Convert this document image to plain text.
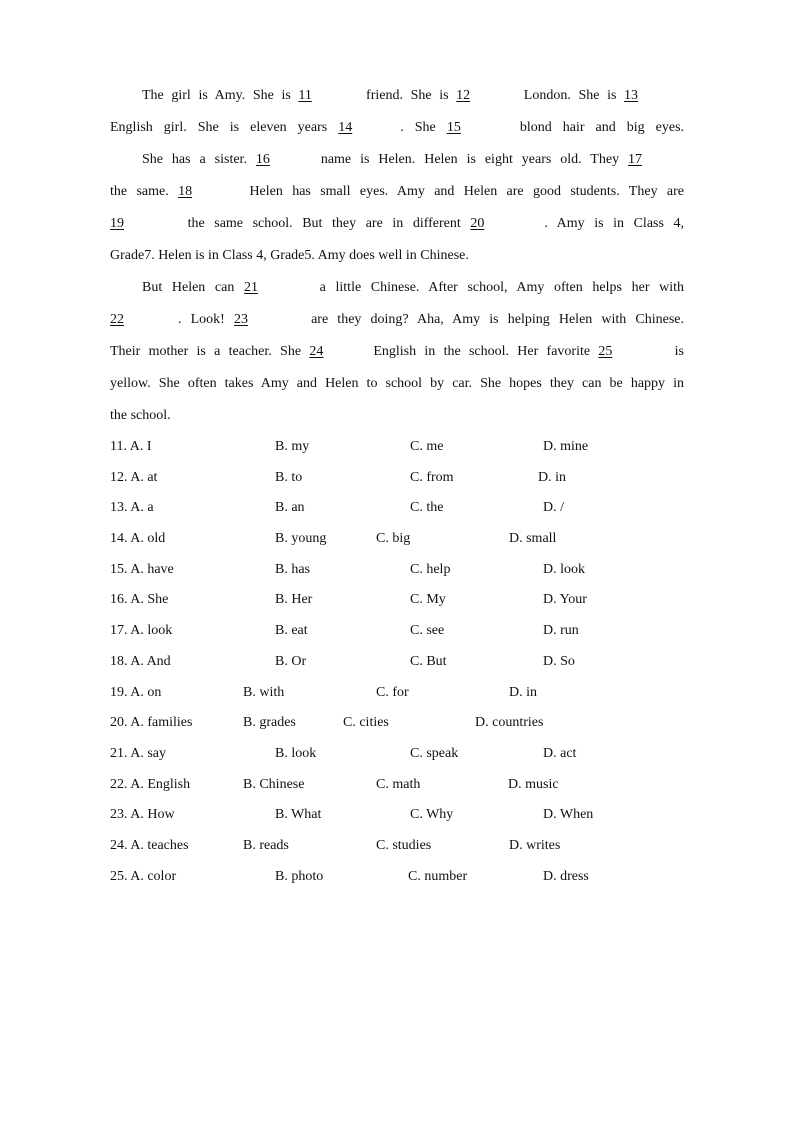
The girl is Amy. She is 11	friend. She is 12	London. She is 13
English girl. She is eleven years 14	. She 15	blond hair and big eyes.
She has a sister. 16	name is Helen. Helen is eight years old. They 17
the same. 18	Helen has small eyes. Amy and Helen are good students. They are
19	the same school. But they are in different 20	. Amy is in Class 4,
Grade7. Helen is in Class 4, Grade5. Amy does well in Chinese.
But Helen can 21	a little Chinese. After school, Amy often helps her with
22	. Look! 23	are they doing? Aha, Amy is helping Helen with Chinese.
Their mother is a teacher. She 24	English in the school. Her favorite 25	is
yellow. She often takes Amy and Helen to school by car. She hopes they can be happy in
the school.
11. A. I	B. my	C. me	D. mine
12. A. at	B. to	C. from	D. in
13. A. a	B. an	C. the	D. /
14. A. old	B. young	C. big	D. small
15. A. have	B. has	C. help	D. look
16. A. She	B. Her	C. My	D. Your
17. A. look	B. eat	C. see	D. run
18. A. And	B. Or	C. But	D. So
19. A. on	B. with	C. for	D. in
20. A. families	B. grades	C. cities	D. countries
21. A. say	B. look	C. speak	D. act
22. A. English	B. Chinese	C. math	D. music
23. A. How	B. What	C. Why	D. When
24. A. teaches	B. reads	C. studies	D. writes
25. A. color	B. photo	C. number	D. dress
